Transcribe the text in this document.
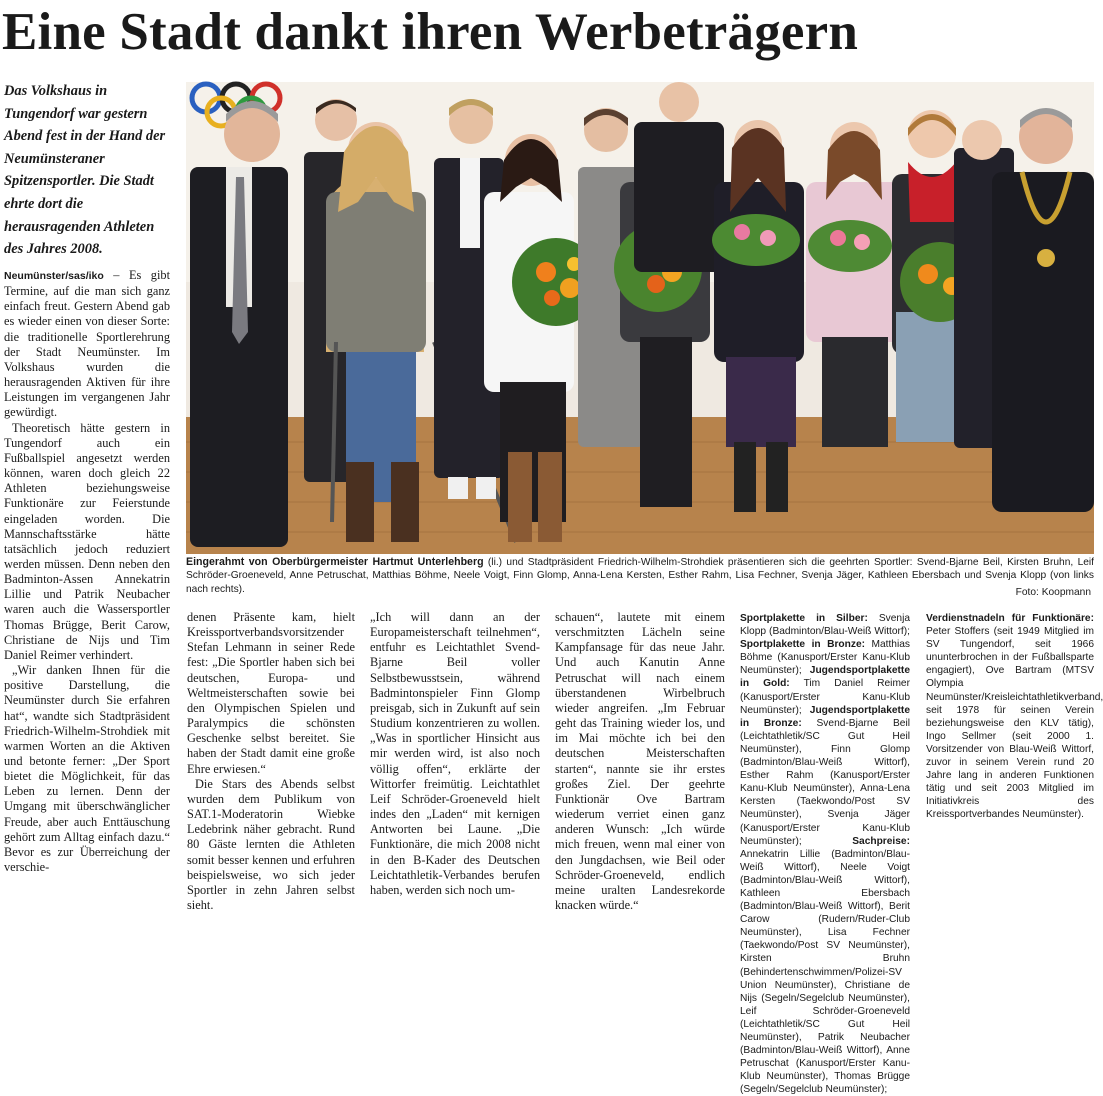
Eine Stadt dankt ihren Werbeträgern
Das Volkshaus in Tungendorf war gestern Abend fest in der Hand der Neumünsteraner Spitzensportler. Die Stadt ehrte dort die herausragenden Athleten des Jahres 2008.

Neumünster/sas/iko – Es gibt Termine, auf die man sich ganz einfach freut. Gestern Abend gab es wieder einen von dieser Sorte: die traditionelle Sportlerehrung der Stadt Neumünster. Im Volkshaus wurden die herausragenden Aktiven für ihre Leistungen im vergangenen Jahr gewürdigt.

Theoretisch hätte gestern in Tungendorf auch ein Fußballspiel angesetzt werden können, waren doch gleich 22 Athleten beziehungsweise Funktionäre zur Feierstunde eingeladen worden. Die Mannschaftsstärke hätte tatsächlich jedoch reduziert werden müssen. Denn neben den Badminton-Assen Annekatrin Lillie und Patrik Neubacher waren auch die Wassersportler Thomas Brügge, Berit Carow, Christiane de Nijs und Tim Daniel Reimer verhindert.

„Wir danken Ihnen für die positive Darstellung, die Neumünster durch Sie erfahren hat“, wandte sich Stadtpräsident Friedrich-Wilhelm-Strohdiek mit warmen Worten an die Aktiven und betonte ferner: „Der Sport bietet die Möglichkeit, für das Leben zu lernen. Denn der Umgang mit überschwänglicher Freude, aber auch Enttäuschung gehört zum Alltag einfach dazu.“ Bevor es zur Überreichung der verschie-

Eingerahmt von Oberbürgermeister Hartmut Unterlehberg (li.) und Stadtpräsident Friedrich-Wilhelm-Strohdiek präsentieren sich die geehrten Sportler: Svend-Bjarne Beil, Kirsten Bruhn, Leif Schröder-Groeneveld, Anne Petruschat, Matthias Böhme, Neele Voigt, Finn Glomp, Anna-Lena Kersten, Esther Rahm, Lisa Fechner, Svenja Jäger, Kathleen Ebersbach und Svenja Klopp (von links nach rechts).	Foto: Koopmann

denen Präsente kam, hielt Kreissportverbandsvorsitzender Stefan Lehmann in seiner Rede fest: „Die Sportler haben sich bei deutschen, Europa- und Weltmeisterschaften sowie bei den Olympischen Spielen und Paralympics die schönsten Geschenke selbst bereitet. Sie haben der Stadt damit eine große Ehre erwiesen.“

Die Stars des Abends selbst wurden dem Publikum von SAT.1-Moderatorin Wiebke Ledebrink näher gebracht. Rund 80 Gäste lernten die Athleten somit besser kennen und erfuhren beispielsweise, wo sich jeder Sportler in zehn Jahren selbst sieht.

„Ich will dann an der Europameisterschaft teilnehmen“, entfuhr es Leichtathlet Svend-Bjarne Beil voller Selbstbewusstsein, während Badmintonspieler Finn Glomp preisgab, sich in Zukunft auf sein Studium konzentrieren zu wollen. „Was in sportlicher Hinsicht aus mir werden wird, ist also noch völlig offen“, erklärte der Wittorfer freimütig. Leichtathlet Leif Schröder-Groeneveld hielt indes den „Laden“ mit kernigen Antworten bei Laune. „Die Funktionäre, die mich 2008 nicht in den B-Kader des Deutschen Leichtathletik-Verbandes berufen haben, werden sich noch um-

schauen“, lautete mit einem verschmitzten Lächeln seine Kampfansage für das neue Jahr. Und auch Kanutin Anne Petruschat will nach einem überstandenen Wirbelbruch wieder angreifen. „Im Februar geht das Training wieder los, und im Mai möchte ich bei den deutschen Meisterschaften starten“, nannte sie ihr erstes großes Ziel. Der geehrte Funktionär Ove Bartram wiederum verriet einen ganz anderen Wunsch: „Ich würde mich freuen, wenn mal einer von den Jungdachsen, wie Beil oder Schröder-Groeneveld, endlich meine uralten Landesrekorde knacken würde.“

Sportplakette in Silber: Svenja Klopp (Badminton/Blau-Weiß Wittorf); Sportplakette in Bronze: Matthias Böhme (Kanusport/Erster Kanu-Klub Neumünster); Jugendsportplakette in Gold: Tim Daniel Reimer (Kanusport/Erster Kanu-Klub Neumünster); Jugendsportplakette in Bronze: Svend-Bjarne Beil (Leichtathletik/SC Gut Heil Neumünster), Finn Glomp (Badminton/Blau-Weiß Wittorf), Esther Rahm (Kanusport/Erster Kanu-Klub Neumünster), Anna-Lena Kersten (Taekwondo/Post SV Neumünster), Svenja Jäger (Kanusport/Erster Kanu-Klub Neumünster);	Sachpreise: Annekatrin Lillie (Badminton/Blau-Weiß Wittorf), Neele Voigt (Badminton/Blau-Weiß Wittorf), Kathleen Ebersbach (Badminton/Blau-Weiß Wittorf), Berit Carow (Rudern/Ruder-Club Neumünster), Lisa Fechner (Taekwondo/Post SV Neumünster), Kirsten Bruhn (Behindertenschwimmen/Polizei-SV Union Neumünster), Christiane de Nijs (Segeln/Segelclub Neumünster), Leif Schröder-Groeneveld (Leichtathletik/SC Gut Heil Neumünster), Patrik Neubacher (Badminton/Blau-Weiß Wittorf), Anne Petruschat (Kanusport/Erster Kanu-Klub Neumünster), Thomas Brügge (Segeln/Segelclub Neumünster);
Verdienstnadeln für Funktionäre: Peter Stoffers (seit 1949 Mitglied im SV Tungendorf, seit 1966 ununterbrochen in der Fußballsparte engagiert), Ove Bartram (MTSV Olympia Neumünster/Kreisleichtathletikverband, seit 1978 für seinen Verein beziehungsweise den KLV tätig), Ingo Sellmer (seit 2000 1. Vorsitzender von Blau-Weiß Wittorf, zuvor in seinem Verein rund 20 Jahre lang in anderen Funktionen tätig und seit 2003 Mitglied im Initiativkreis des Kreissportverbandes Neumünster).
